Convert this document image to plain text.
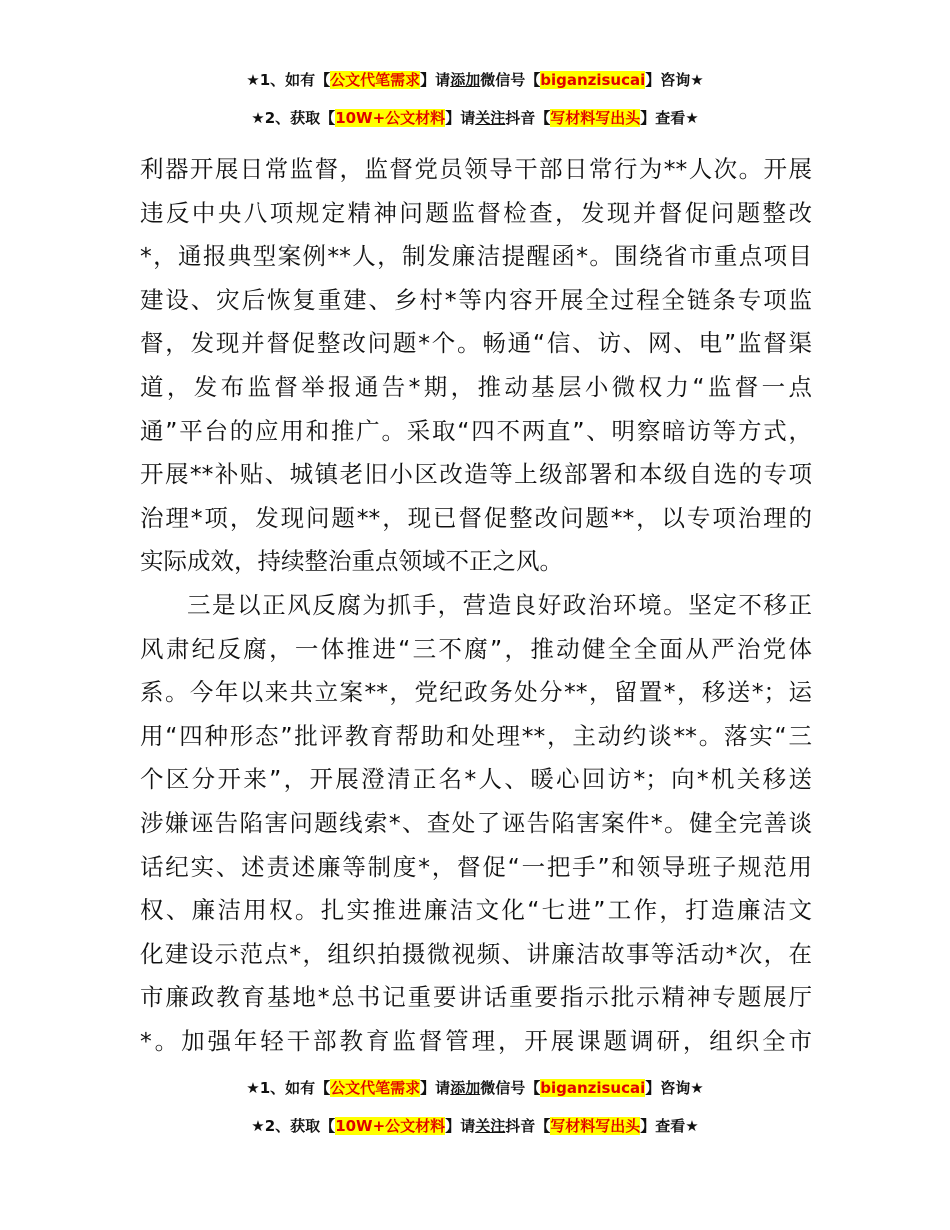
★1、如有【公文代笔需求】请添加微信号【biganzisucai】咨询★
★2、获取【10W+公文材料】请关注抖音【写材料写出头】查看★
利器开展日常监督，监督党员领导干部日常行为**人次。开展
违反中央八项规定精神问题监督检查，发现并督促问题整改
*，通报典型案例**人，制发廉洁提醒函*。围绕省市重点项目
建设、灾后恢复重建、乡村*等内容开展全过程全链条专项监
督，发现并督促整改问题*个。畅通“信、访、网、电”监督渠
道，发布监督举报通告*期，推动基层小微权力“监督一点
通”平台的应用和推广。采取“四不两直”、明察暗访等方式，
开展**补贴、城镇老旧小区改造等上级部署和本级自选的专项
治理*项，发现问题**，现已督促整改问题**，以专项治理的
实际成效，持续整治重点领域不正之风。
三是以正风反腐为抓手，营造良好政治环境。坚定不移正
风肃纪反腐，一体推进“三不腐”，推动健全全面从严治党体
系。今年以来共立案**，党纪政务处分**，留置*，移送*；运
用“四种形态”批评教育帮助和处理**，主动约谈**。落实“三
个区分开来”，开展澄清正名*人、暖心回访*；向*机关移送
涉嫌诬告陷害问题线索*、查处了诬告陷害案件*。健全完善谈
话纪实、述责述廉等制度*，督促“一把手”和领导班子规范用
权、廉洁用权。扎实推进廉洁文化“七进”工作，打造廉洁文
化建设示范点*，组织拍摄微视频、讲廉洁故事等活动*次，在
市廉政教育基地*总书记重要讲话重要指示批示精神专题展厅
*。加强年轻干部教育监督管理，开展课题调研，组织全市
★1、如有【公文代笔需求】请添加微信号【biganzisucai】咨询★
★2、获取【10W+公文材料】请关注抖音【写材料写出头】查看★
